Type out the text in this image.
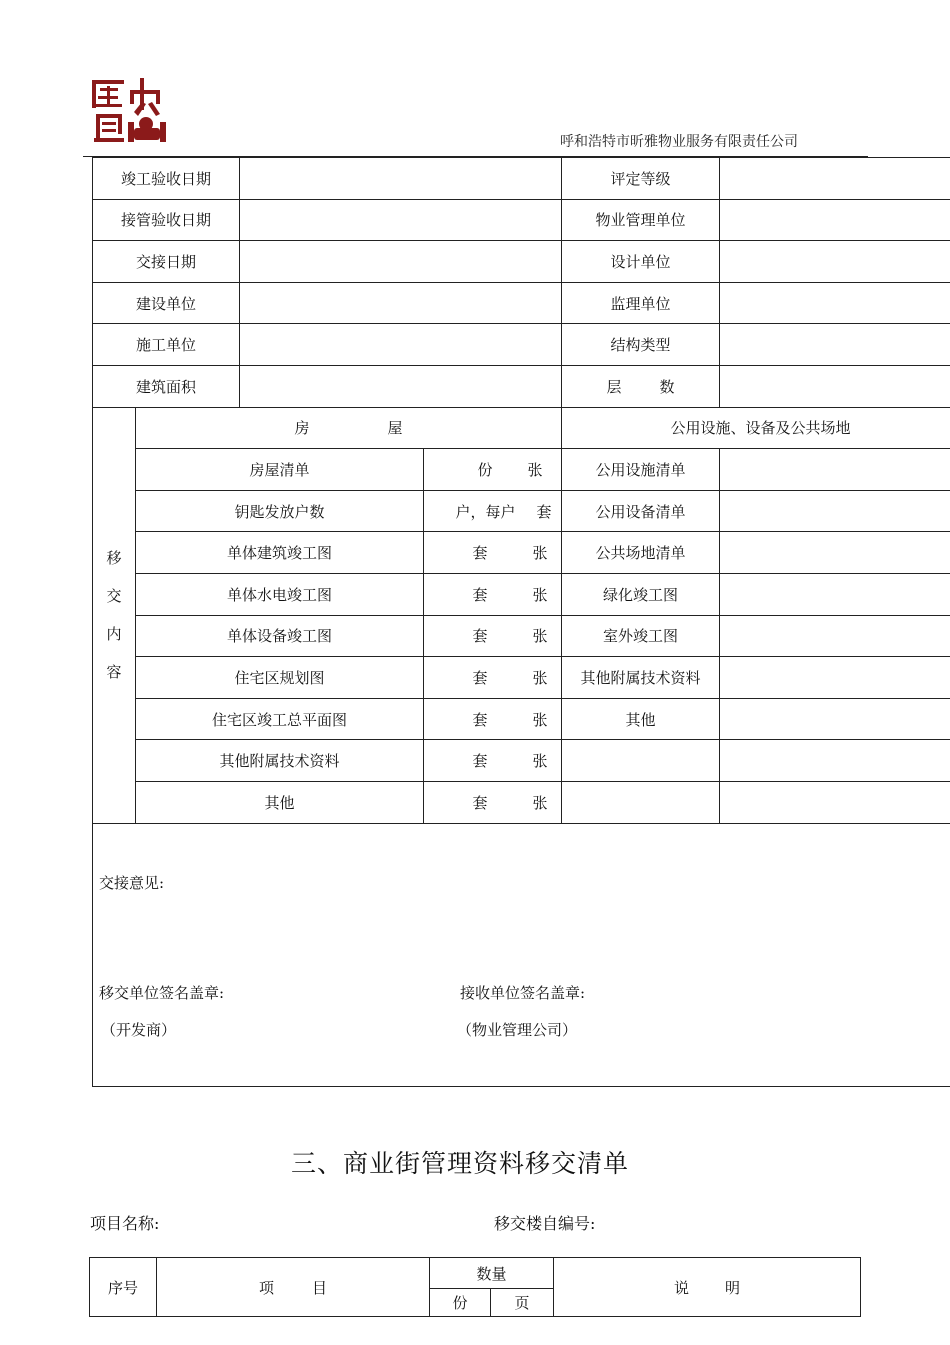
呼和浩特市昕雅物业服务有限责任公司
竣工验收日期				评定等级	
接管验收日期				物业管理单位	
交接日期				设计单位	
建设单位				监理单位	
施工单位				结构类型	
建筑面积				层 数	
移
交
内
容	房 屋			公用设施、设备及公共场地	
	房屋清单		份 张	公用设施清单	
	钥匙发放户数		户，每户 套	公用设备清单	
	单体建筑竣工图		套 张	公共场地清单	
	单体水电竣工图		套 张	绿化竣工图	
	单体设备竣工图		套 张	室外竣工图	
	住宅区规划图		套 张	其他附属技术资料	
	住宅区竣工总平面图		套 张	其他	
	其他附属技术资料		套 张		
	其他		套 张		

交接意见:
移交单位签名盖章:
（开发商）
接收单位签名盖章:
（物业管理公司）					
三、商业街管理资料移交清单
项目名称:	移交楼自编号:
序号	项 目	数量		说 明
		份	页	
